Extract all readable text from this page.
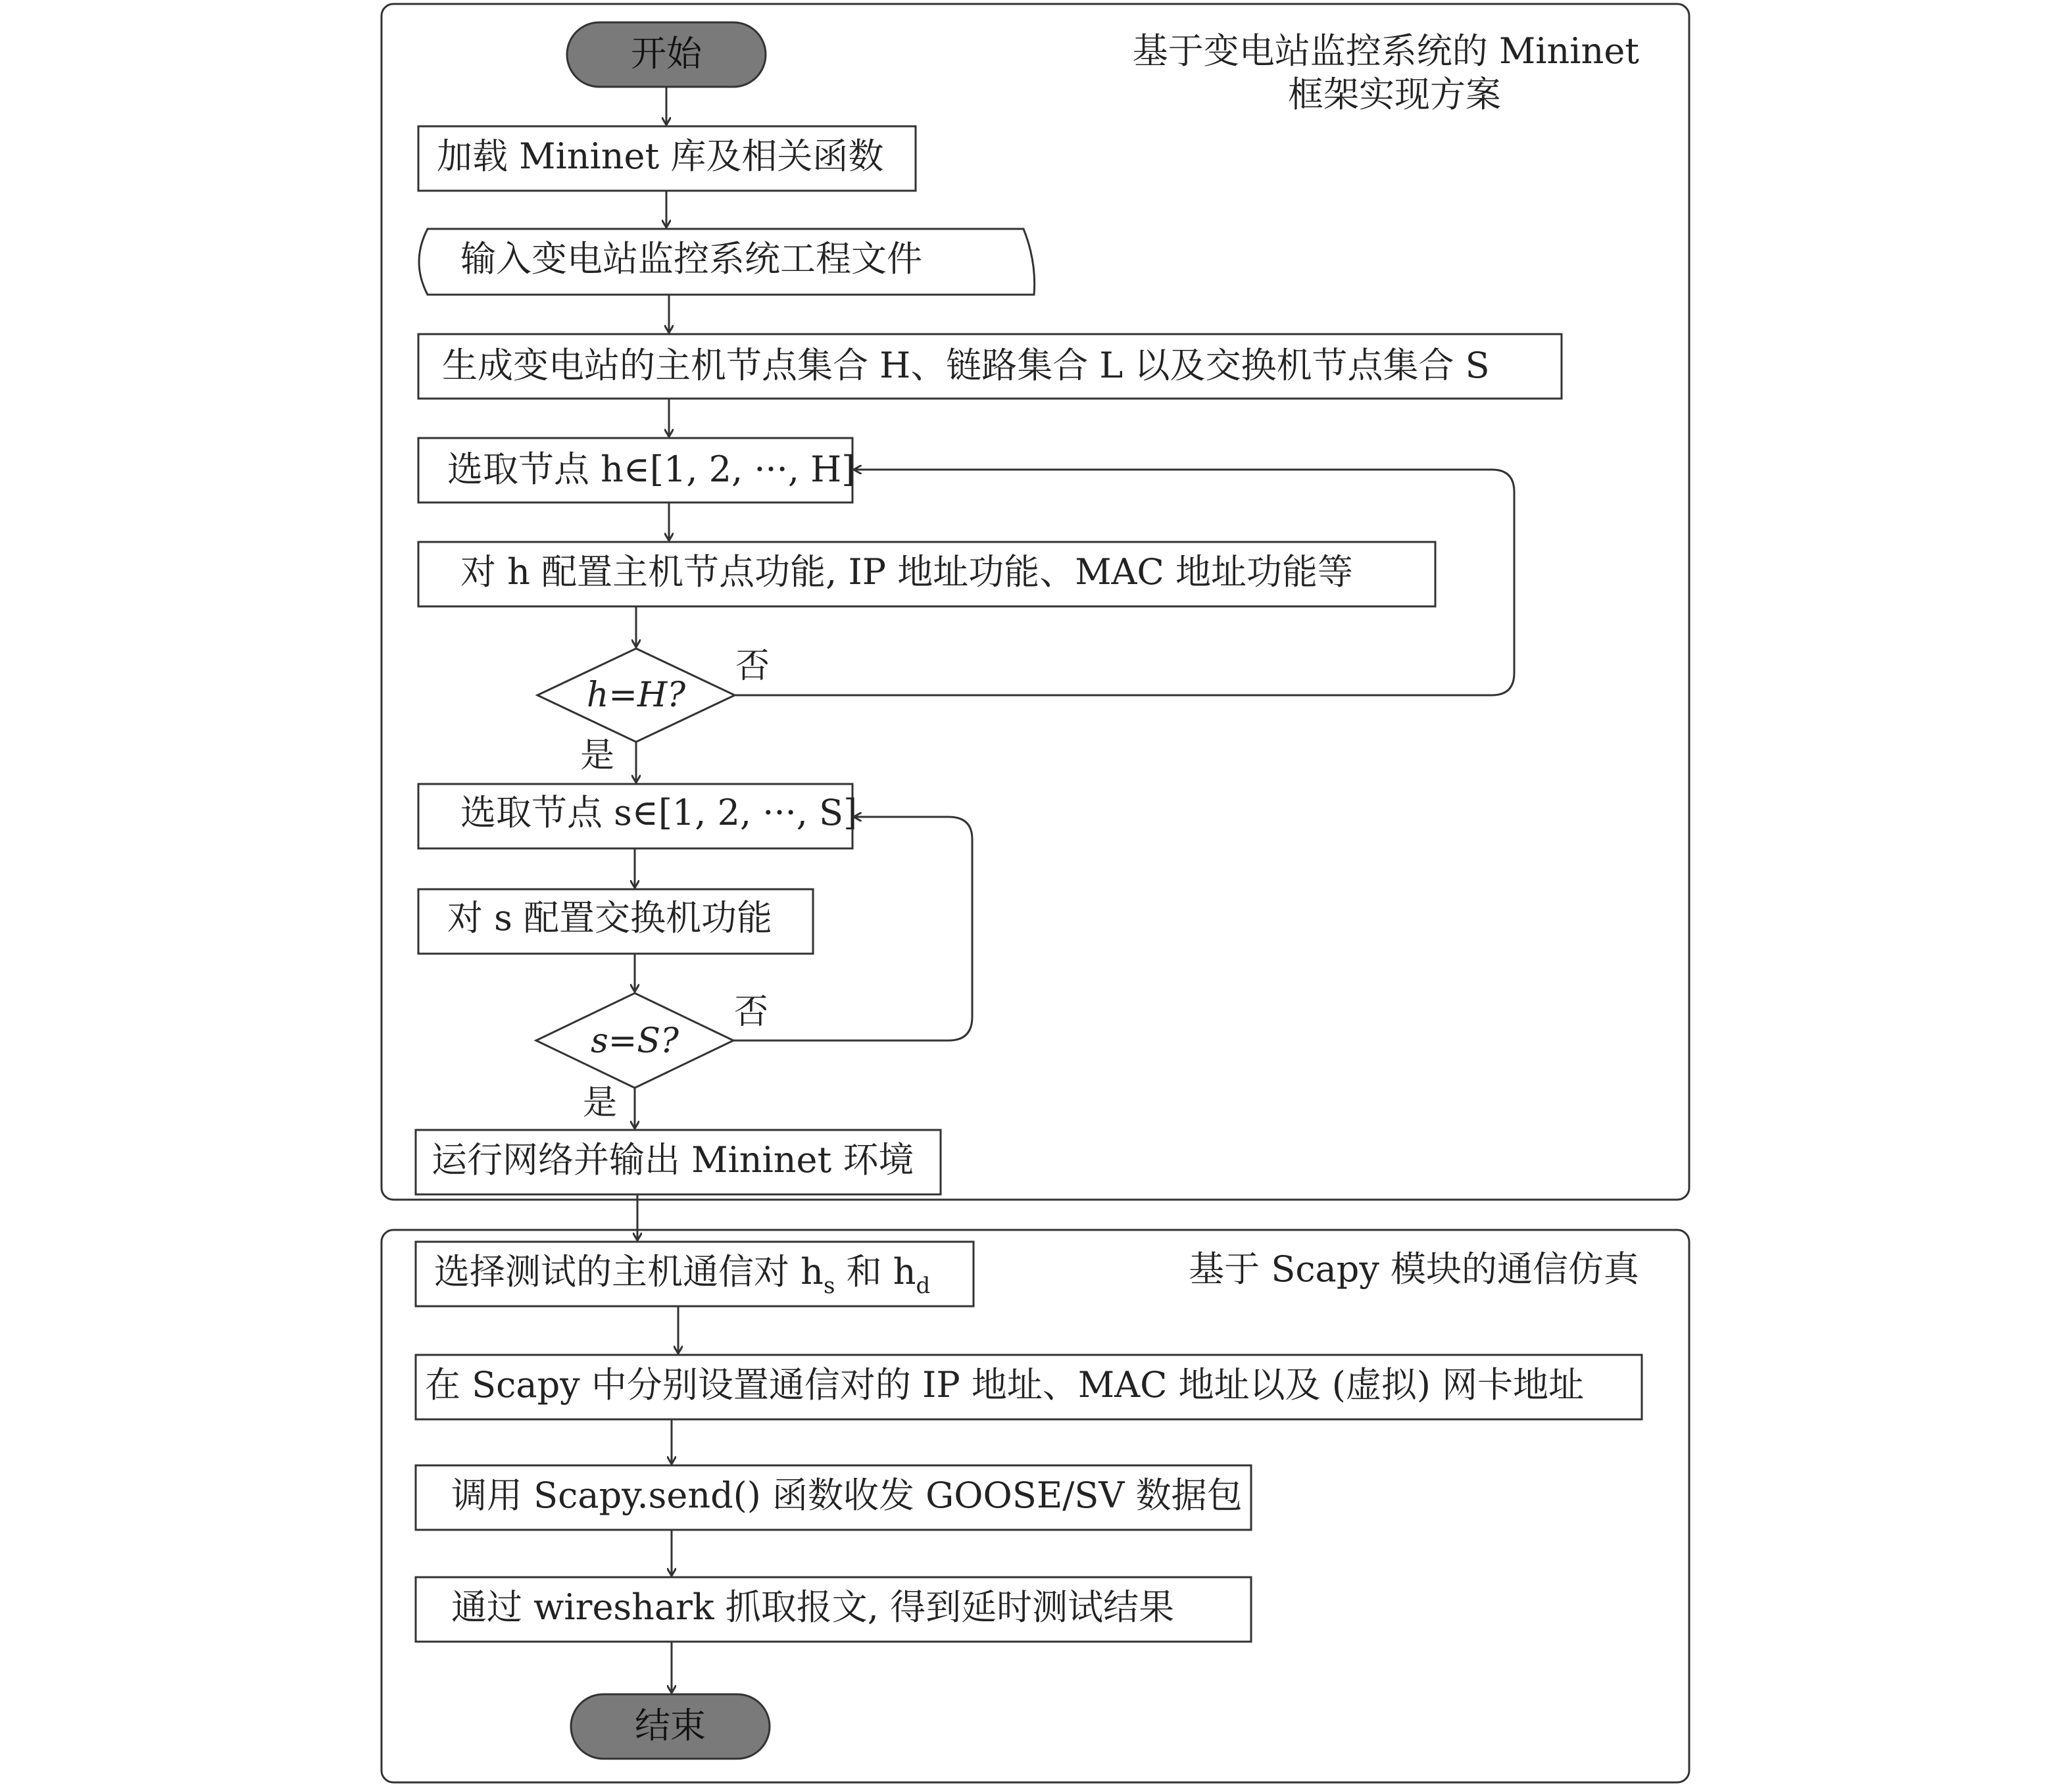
基于变电站监控系统的 Mininet
框架实现方案
基于 Scapy 模块的通信仿真
开始
加载 Mininet 库及相关函数
输入变电站监控系统工程文件
生成变电站的主机节点集合 H、链路集合 L 以及交换机节点集合 S
选取节点 h∈[1, 2, ···, H]
对 h 配置主机节点功能, IP 地址功能、MAC 地址功能等
h=H?
选取节点 s∈[1, 2, ···, S]
对 s 配置交换机功能
s=S?
运行网络并输出 Mininet 环境
选择测试的主机通信对 hs 和 hd
在 Scapy 中分别设置通信对的 IP 地址、MAC 地址以及 (虚拟) 网卡地址
调用 Scapy.send() 函数收发 GOOSE/SV 数据包
通过 wireshark 抓取报文, 得到延时测试结果
结束
否
是
否
是
